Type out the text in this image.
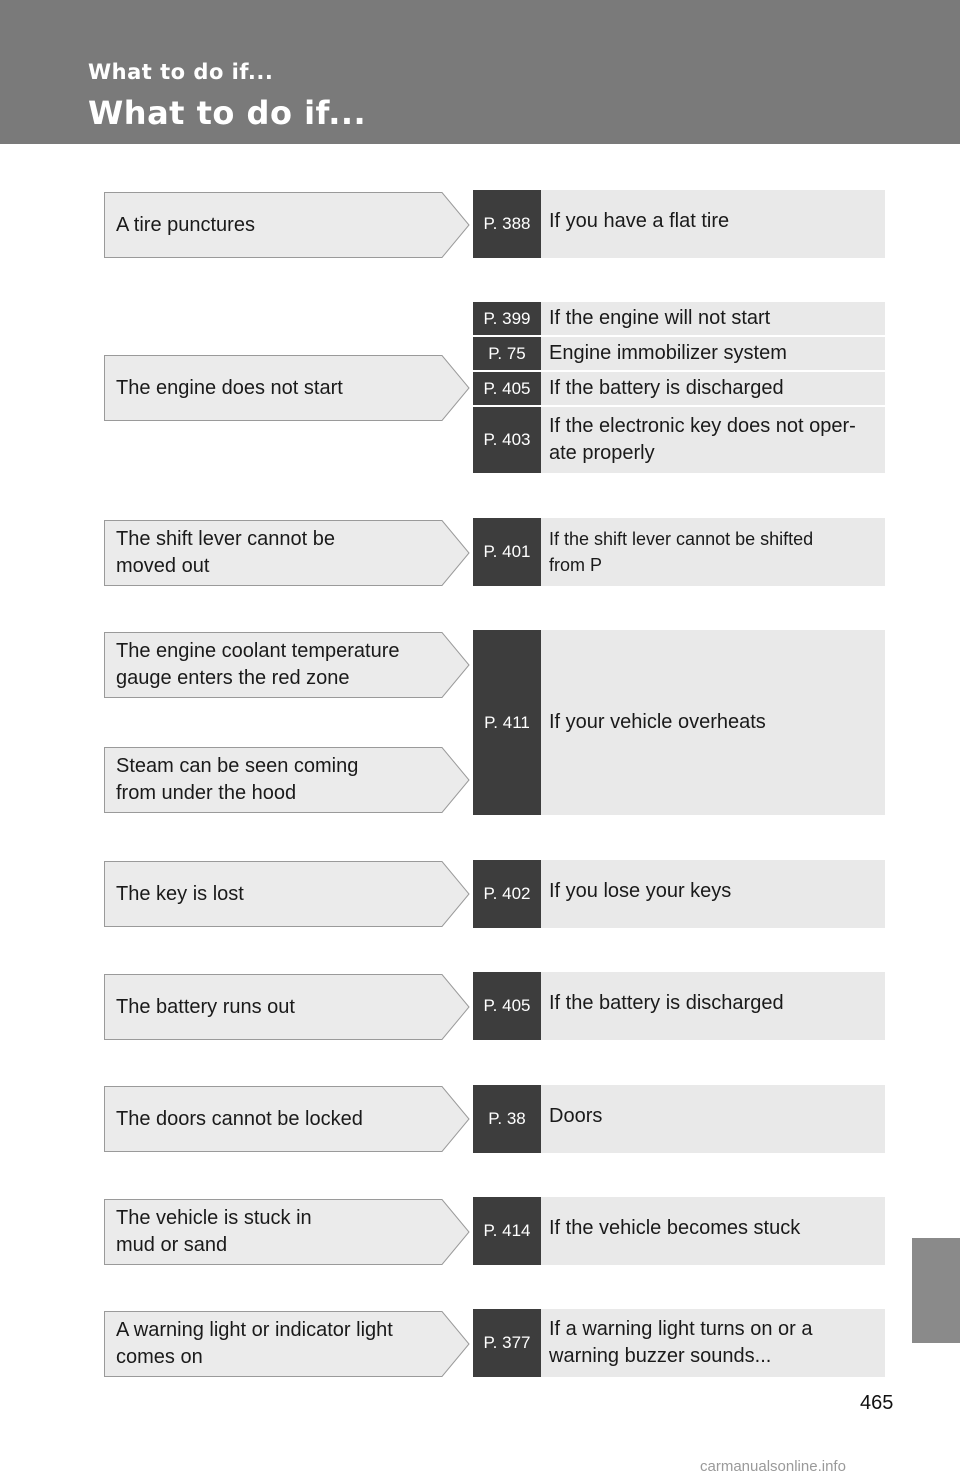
What to do if...
What to do if...
A tire punctures
The engine does not start
The shift lever cannot be
moved out
The engine coolant temperature
gauge enters the red zone
Steam can be seen coming
from under the hood
The key is lost
The battery runs out
The doors cannot be locked
The vehicle is stuck in
mud or sand
A warning light or indicator light
comes on
P. 388 If you have a flat tire
P. 399 If the engine will not start
P. 75	Engine immobilizer system
P. 405 If the battery is discharged
P. 403
If the electronic key does not oper-
ate properly
P. 401
If the shift lever cannot be shifted
from P
P. 411 If your vehicle overheats
P. 402 If you lose your keys
P. 405 If the battery is discharged
P. 38	Doors
P. 414 If the vehicle becomes stuck
P. 377
If a warning light turns on or a
warning buzzer sounds...
465
carmanualsonline.info
